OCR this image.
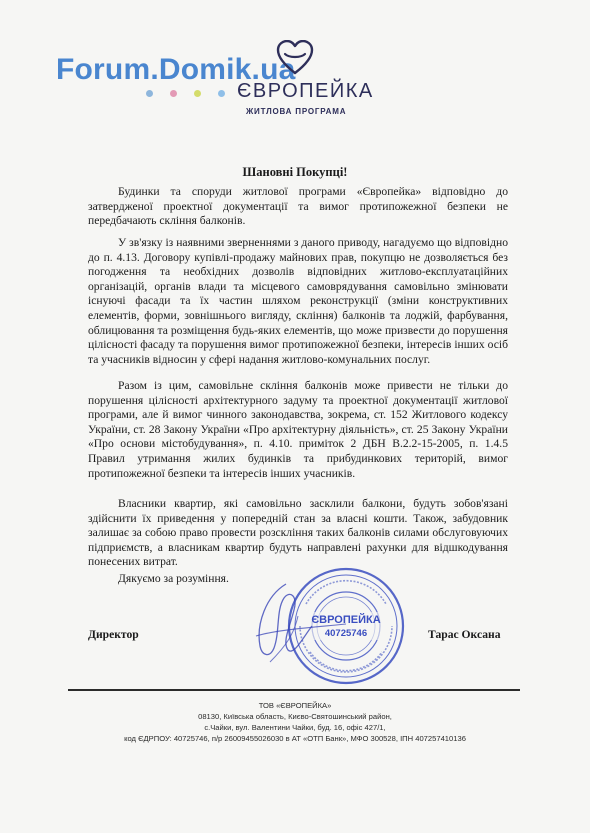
Forum.Domik.ua
ЄВРОПЕЙКА
ЖИТЛОВА ПРОГРАМА
Шановні Покупці!
Будинки та споруди житлової програми «Європейка» відповідно до затвердженої проектної документації та вимог протипожежної безпеки не передбачають скління балконів.
У зв'язку із наявними зверненнями з даного приводу, нагадуємо що відповідно до п. 4.13. Договору купівлі-продажу майнових прав, покупцю не дозволяється без погодження та необхідних дозволів відповідних житлово-експлуатаційних організацій, органів влади та місцевого самоврядування самовільно змінювати існуючі фасади та їх частин шляхом реконструкції (зміни конструктивних елементів, форми, зовнішнього вигляду, скління) балконів та лоджій, фарбування, облицювання та розміщення будь-яких елементів, що може призвести до порушення цілісності фасаду та порушення вимог протипожежної безпеки, інтересів інших осіб та учасників відносин у сфері надання житлово-комунальних послуг.
Разом із цим, самовільне скління балконів може привести не тільки до порушення цілісності архітектурного задуму та проектної документації житлової програми, але й вимог чинного законодавства, зокрема, ст. 152 Житлового кодексу України, ст. 28 Закону України «Про архітектурну діяльність», ст. 25 Закону України «Про основи містобудування», п. 4.10. приміток 2 ДБН В.2.2-15-2005, п. 1.4.5 Правил утримання жилих будинків та прибудинкових територій, вимог протипожежної безпеки та інтересів інших учасників.
Власники квартир, які самовільно засклили балкони, будуть зобов'язані здійснити їх приведення у попередній стан за власні кошти. Також, забудовник залишає за собою право провести розскління таких балконів силами обслуговуючих підприємств, а власникам квартир будуть направлені рахунки для відшкодування понесених витрат.
Дякуємо за розуміння.
ЄВРОПЕЙКА
40725746
Директор	Тарас Оксана
ТОВ «ЄВРОПЕЙКА»
08130, Київська область, Києво-Святошинський район,
с.Чайки, вул. Валентини Чайки, буд. 16, офіс 427/1,
код ЄДРПОУ: 40725746, п/р 26009455026030 в АТ «ОТП Банк», МФО 300528, ІПН 407257410136
